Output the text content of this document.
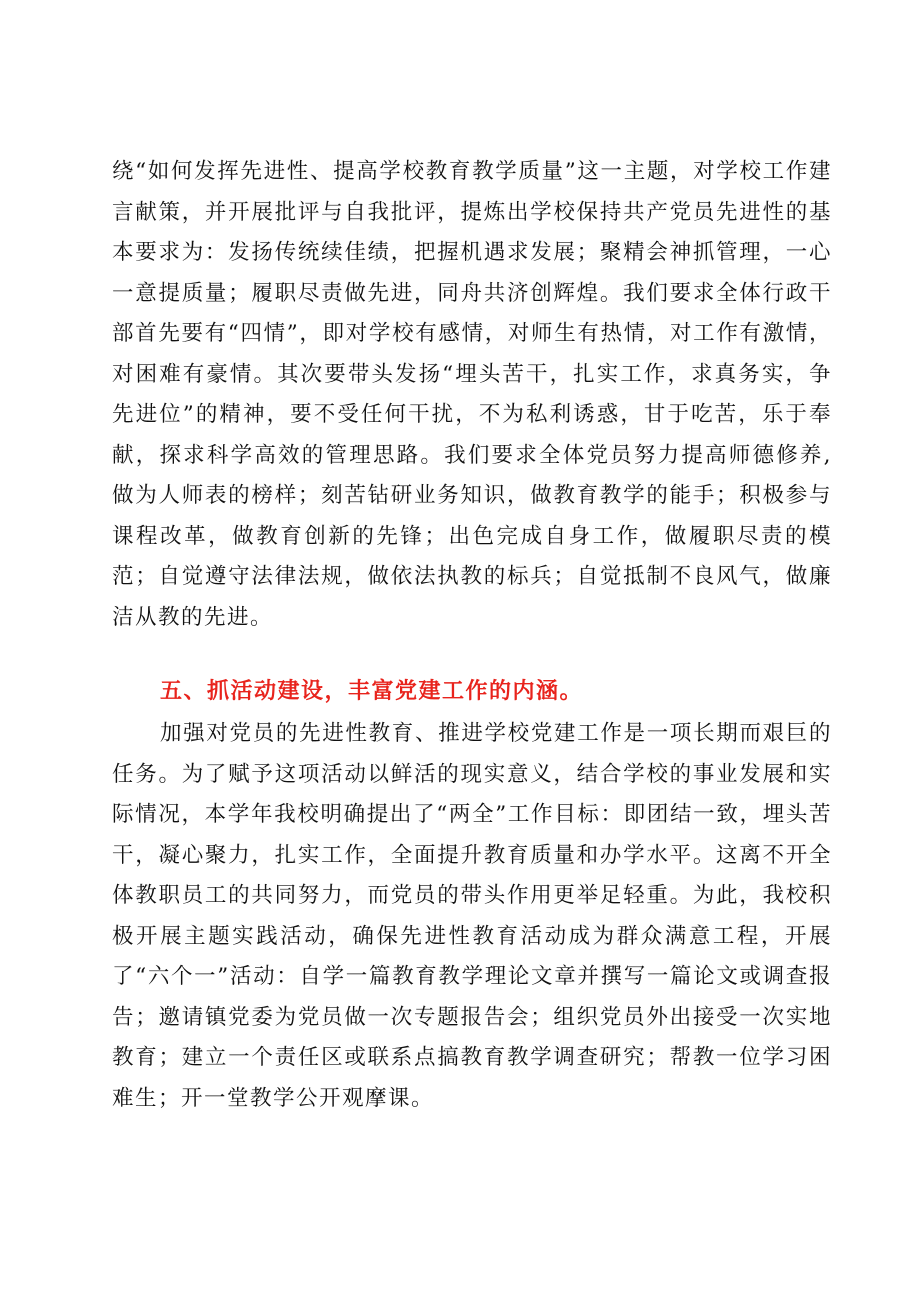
绕“如何发挥先进性、提高学校教育教学质量”这一主题，对学校工作建言献策，并开展批评与自我批评，提炼出学校保持共产党员先进性的基本要求为：发扬传统续佳绩，把握机遇求发展；聚精会神抓管理，一心一意提质量；履职尽责做先进，同舟共济创辉煌。我们要求全体行政干部首先要有“四情”，即对学校有感情，对师生有热情，对工作有激情，对困难有豪情。其次要带头发扬“埋头苦干，扎实工作，求真务实，争先进位”的精神，要不受任何干扰，不为私利诱惑，甘于吃苦，乐于奉献，探求科学高效的管理思路。我们要求全体党员努力提高师德修养,做为人师表的榜样；刻苦钻研业务知识，做教育教学的能手；积极参与课程改革，做教育创新的先锋；出色完成自身工作，做履职尽责的模范；自觉遵守法律法规，做依法执教的标兵；自觉抵制不良风气，做廉洁从教的先进。

五、抓活动建设，丰富党建工作的内涵。

加强对党员的先进性教育、推进学校党建工作是一项长期而艰巨的任务。为了赋予这项活动以鲜活的现实意义，结合学校的事业发展和实际情况，本学年我校明确提出了“两全”工作目标：即团结一致，埋头苦干，凝心聚力，扎实工作，全面提升教育质量和办学水平。这离不开全体教职员工的共同努力，而党员的带头作用更举足轻重。为此，我校积极开展主题实践活动，确保先进性教育活动成为群众满意工程，开展了“六个一”活动：自学一篇教育教学理论文章并撰写一篇论文或调查报告；邀请镇党委为党员做一次专题报告会；组织党员外出接受一次实地教育；建立一个责任区或联系点搞教育教学调查研究；帮教一位学习困难生；开一堂教学公开观摩课。
